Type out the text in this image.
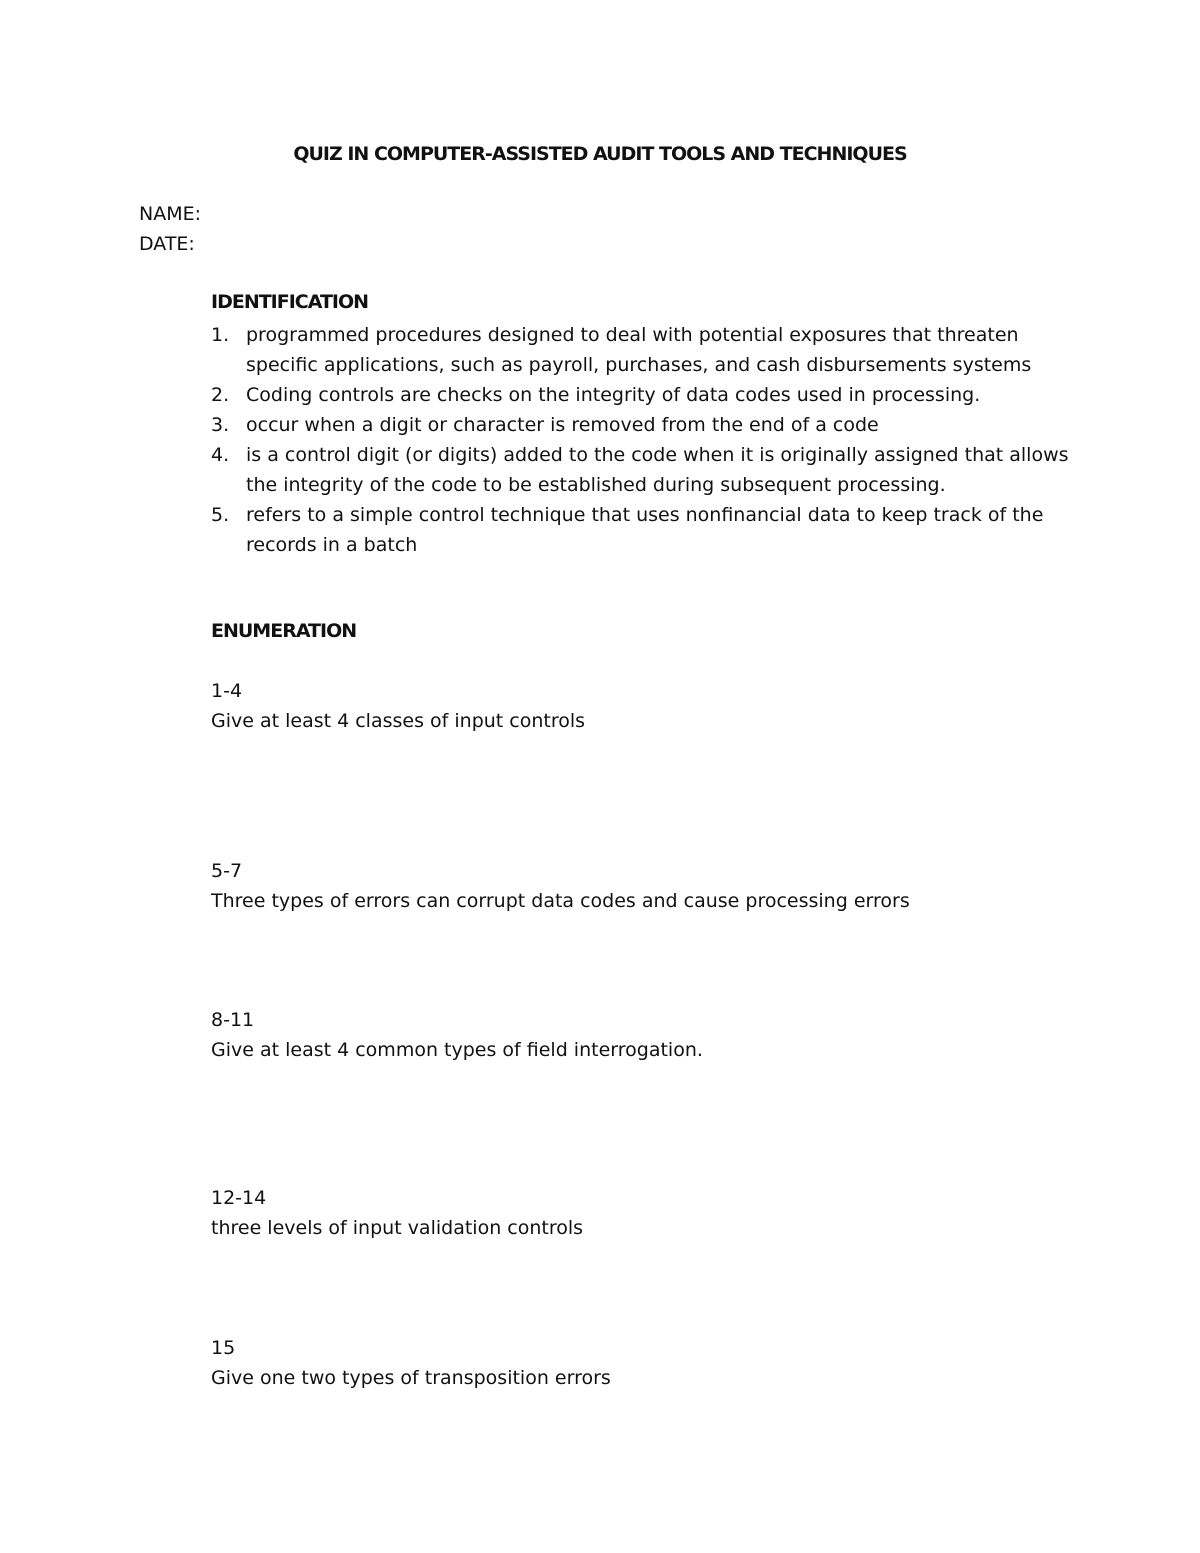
QUIZ IN COMPUTER-ASSISTED AUDIT TOOLS AND TECHNIQUES
NAME:
DATE:
IDENTIFICATION
1. programmed procedures designed to deal with potential exposures that threaten specific applications, such as payroll, purchases, and cash disbursements systems
2. Coding controls are checks on the integrity of data codes used in processing.
3. occur when a digit or character is removed from the end of a code
4. is a control digit (or digits) added to the code when it is originally assigned that allows the integrity of the code to be established during subsequent processing.
5. refers to a simple control technique that uses nonfinancial data to keep track of the records in a batch
ENUMERATION
1-4
Give at least 4 classes of input controls
5-7
Three types of errors can corrupt data codes and cause processing errors
8-11
Give at least 4 common types of field interrogation.
12-14
three levels of input validation controls
15
Give one two types of transposition errors
